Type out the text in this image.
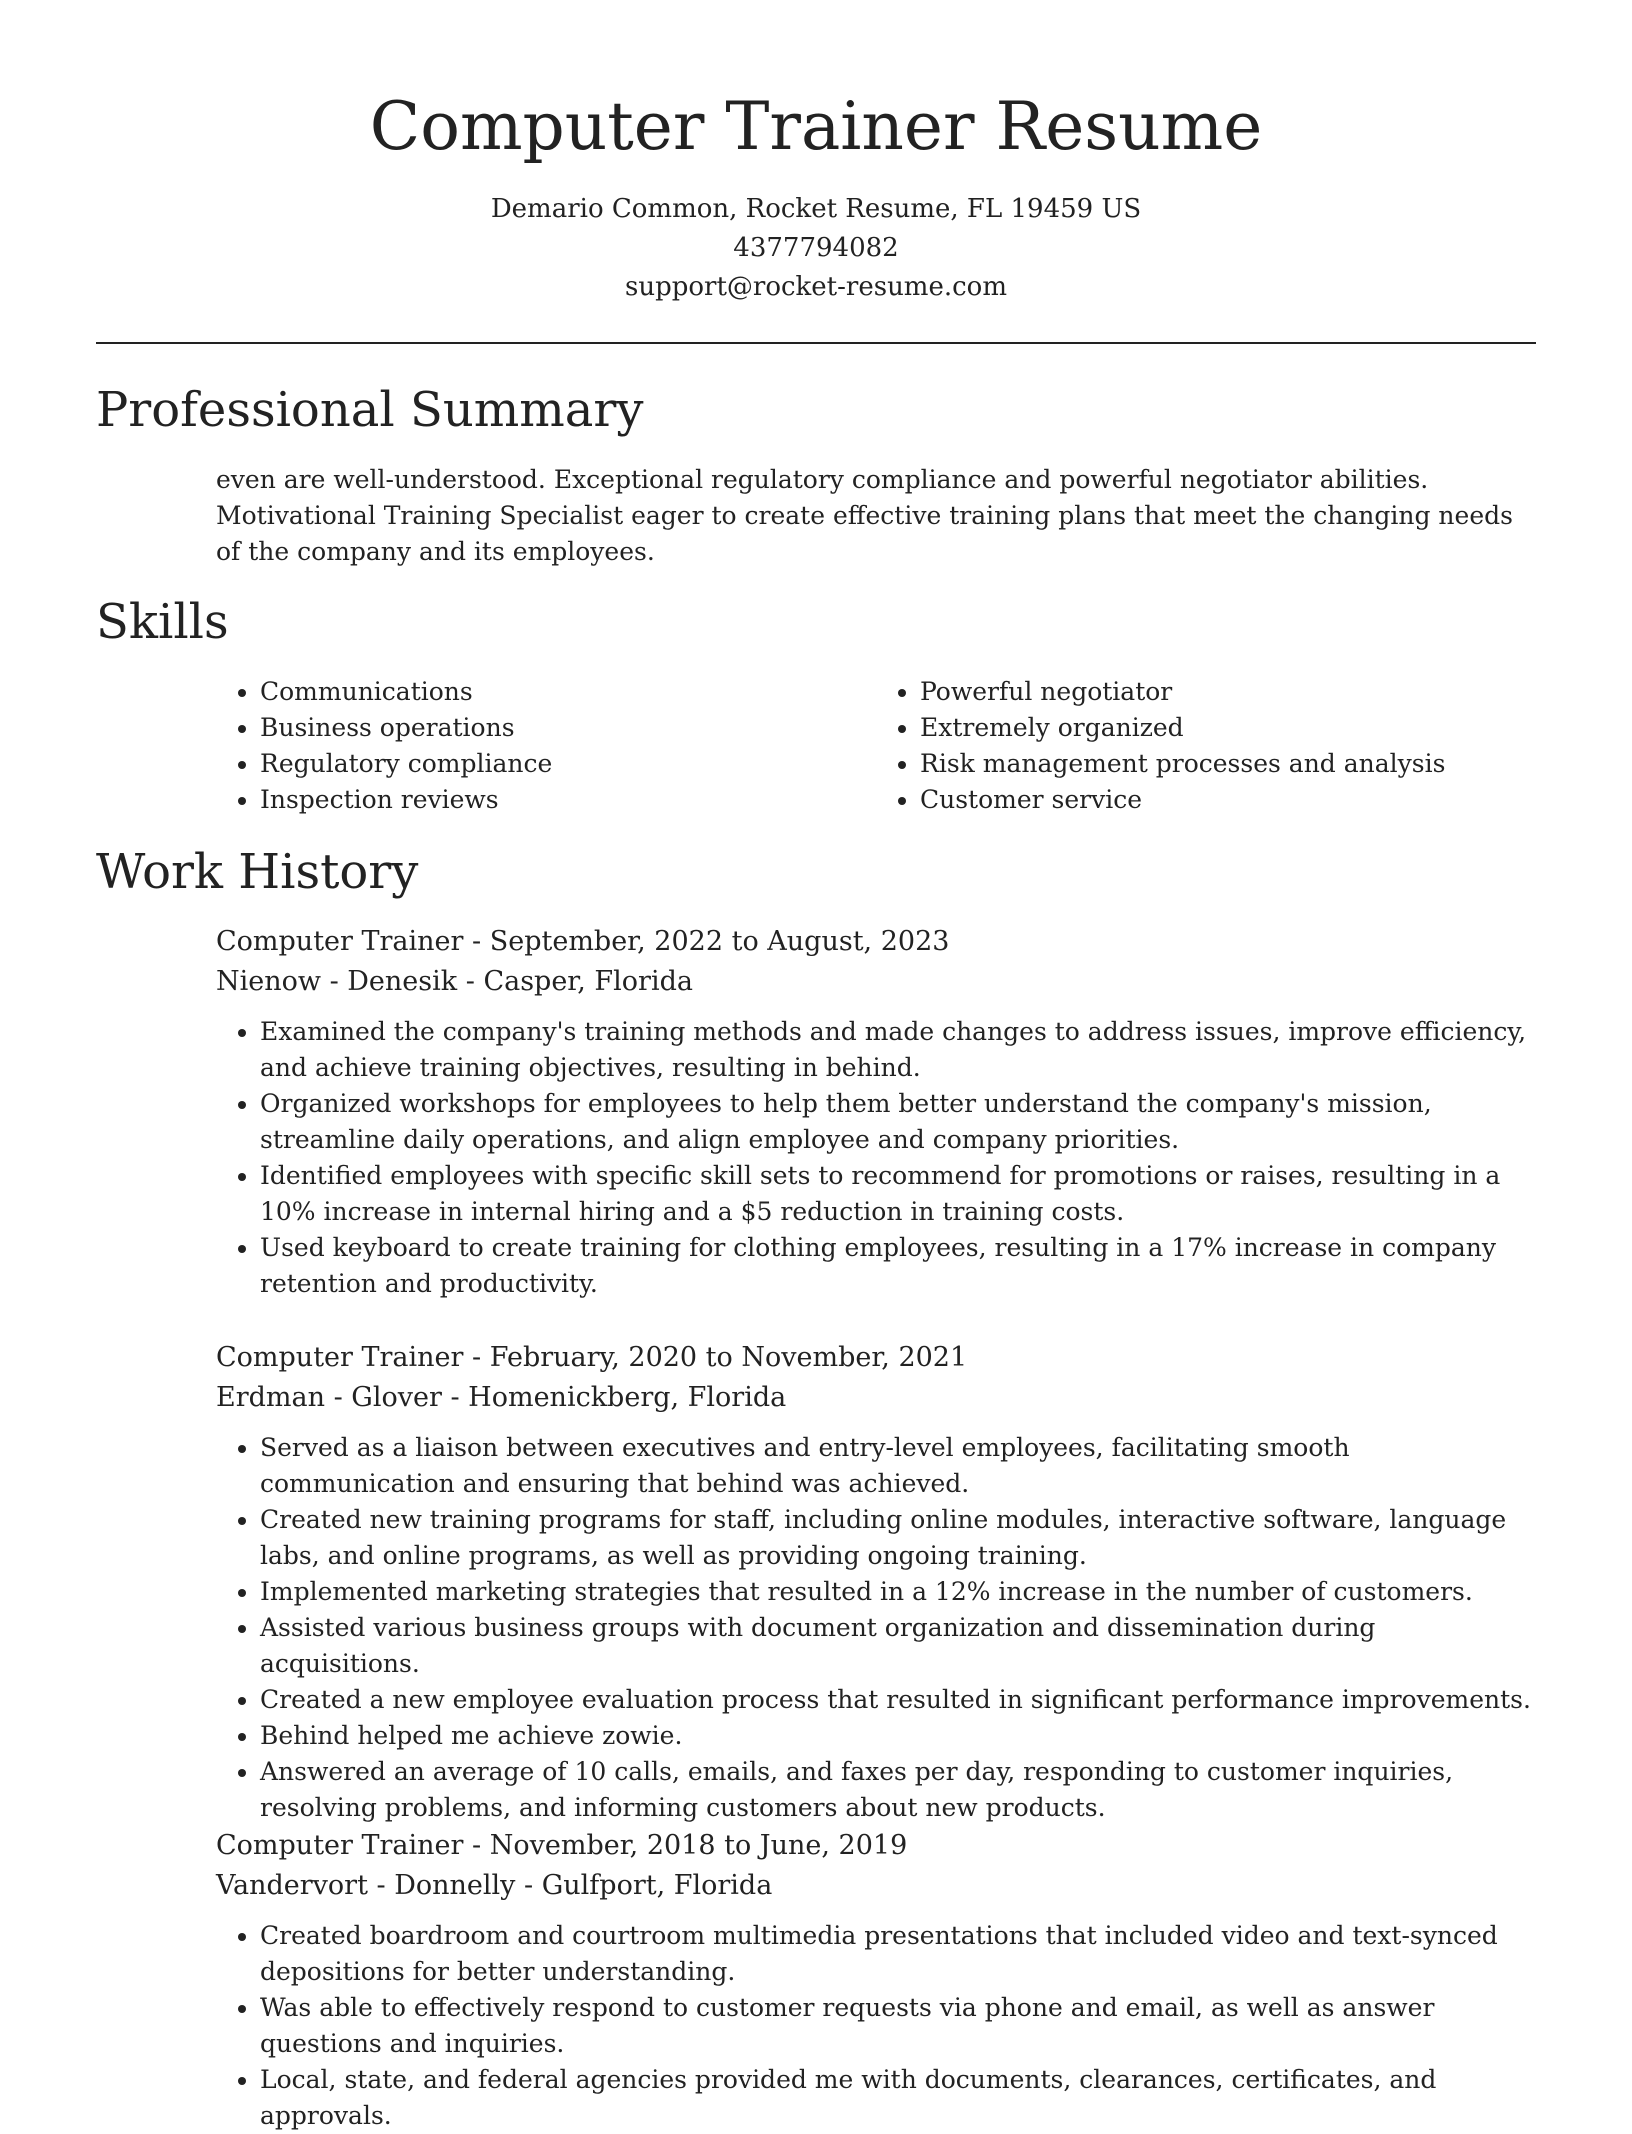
Computer Trainer Resume

Demario Common, Rocket Resume, FL 19459 US

4377794082

support@rocket-resume.com

Professional Summary

even are well-understood. Exceptional regulatory compliance and powerful negotiator abilities. Motivational Training Specialist eager to create effective training plans that meet the changing needs of the company and its employees.

Skills
• Communications
• Business operations
• Regulatory compliance
• Inspection reviews
• Powerful negotiator
• Extremely organized
• Risk management processes and analysis
• Customer service
Work History

Computer Trainer - September, 2022 to August, 2023

Nienow - Denesik - Casper, Florida

• Examined the company's training methods and made changes to address issues, improve efficiency, and achieve training objectives, resulting in behind.
• Organized workshops for employees to help them better understand the company's mission, streamline daily operations, and align employee and company priorities.
• Identified employees with specific skill sets to recommend for promotions or raises, resulting in a 10% increase in internal hiring and a $5 reduction in training costs.
• Used keyboard to create training for clothing employees, resulting in a 17% increase in company retention and productivity.

Computer Trainer - February, 2020 to November, 2021

Erdman - Glover - Homenickberg, Florida

• Served as a liaison between executives and entry-level employees, facilitating smooth communication and ensuring that behind was achieved.
• Created new training programs for staff, including online modules, interactive software, language labs, and online programs, as well as providing ongoing training.
• Implemented marketing strategies that resulted in a 12% increase in the number of customers.
• Assisted various business groups with document organization and dissemination during acquisitions.
• Created a new employee evaluation process that resulted in significant performance improvements.
• Behind helped me achieve zowie.
• Answered an average of 10 calls, emails, and faxes per day, responding to customer inquiries, resolving problems, and informing customers about new products.

Computer Trainer - November, 2018 to June, 2019

Vandervort - Donnelly - Gulfport, Florida

• Created boardroom and courtroom multimedia presentations that included video and text-synced depositions for better understanding.
• Was able to effectively respond to customer requests via phone and email, as well as answer questions and inquiries.
• Local, state, and federal agencies provided me with documents, clearances, certificates, and approvals.
